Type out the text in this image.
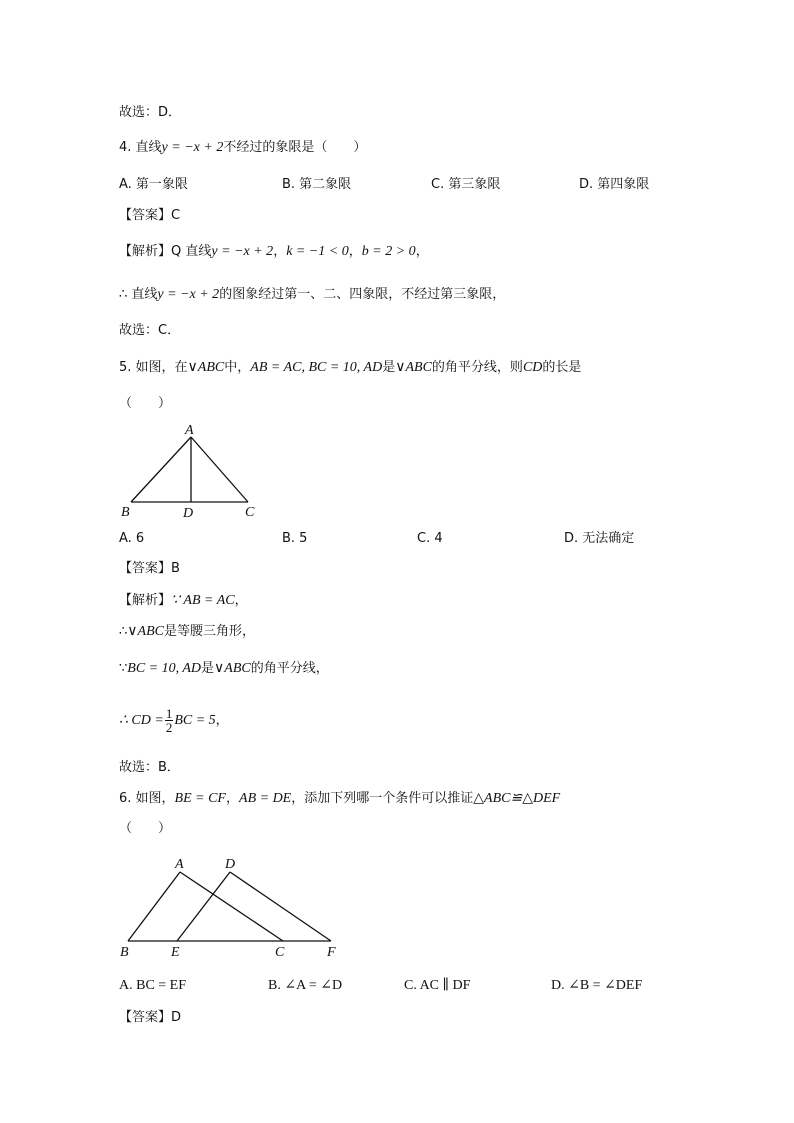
故选：D．
4. 直线y = −x + 2不经过的象限是（　　）
A. 第一象限	B. 第二象限	C. 第三象限	D. 第四象限
【答案】C
【解析】Q 直线y = −x + 2，k = −1 < 0，b = 2 > 0，
∴ 直线y = −x + 2的图象经过第一、二、四象限，不经过第三象限，
故选：C．
5. 如图，在∨ABC中，AB = AC, BC = 10, AD是∨ABC的角平分线，则CD的长是
（　　）
A
B	D	C
A. 6	B. 5	C. 4	D. 无法确定
【答案】B
【解析】∵ AB = AC，
∴∨ABC是等腰三角形，
∵BC = 10, AD是∨ABC的角平分线，
∴ CD = $\frac{1}{2}$ BC = 5，
故选：B．
6. 如图，BE = CF，AB = DE，添加下列哪一个条件可以推证△ABC≌△DEF
（　　）
A	D
B	E	C	F
A. BC = EF	B. ∠A = ∠D	C. AC ∥ DF	D. ∠B = ∠DEF
【答案】D
